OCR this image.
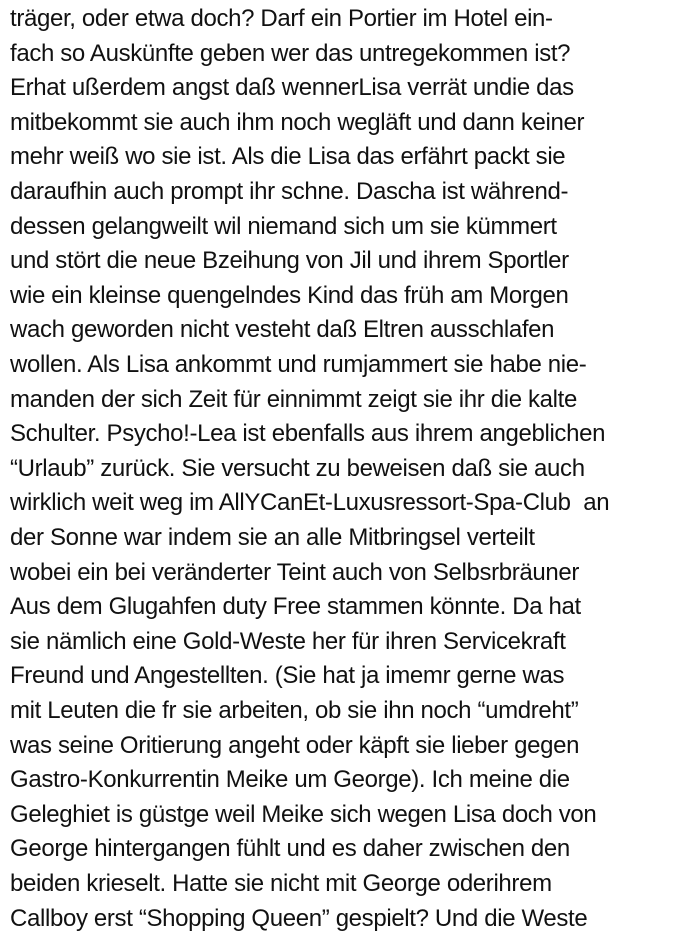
träger, oder etwa doch? Darf ein Portier im Hotel ein-
fach so Auskünfte geben wer das untregekommen ist?
Erhat ußerdem angst daß wennerLisa verrät undie das
mitbekommt sie auch ihm noch wegläft und dann keiner
mehr weiß wo sie ist. Als die Lisa das erfährt packt sie
daraufhin auch prompt ihr schne. Dascha ist während-
dessen gelangweilt wil niemand sich um sie kümmert
und stört die neue Bzeihung von Jil und ihrem Sportler
wie ein kleinse quengelndes Kind das früh am Morgen
wach geworden nicht vesteht daß Eltren ausschlafen
wollen. Als Lisa ankommt und rumjammert sie habe nie-
manden der sich Zeit für einnimmt zeigt sie ihr die kalte
Schulter. Psycho!-Lea ist ebenfalls aus ihrem angeblichen
“Urlaub” zurück. Sie versucht zu beweisen daß sie auch
wirklich weit weg im AllYCanEt-Luxusressort-Spa-Club  an
der Sonne war indem sie an alle Mitbringsel verteilt
wobei ein bei veränderter Teint auch von Selbsrbräuner
Aus dem Glugahfen duty Free stammen könnte. Da hat
sie nämlich eine Gold-Weste her für ihren Servicekraft
Freund und Angestellten. (Sie hat ja imemr gerne was
mit Leuten die fr sie arbeiten, ob sie ihn noch “umdreht”
was seine Oritierung angeht oder käpft sie lieber gegen
Gastro-Konkurrentin Meike um George). Ich meine die
Geleghiet is güstge weil Meike sich wegen Lisa doch von
George hintergangen fühlt und es daher zwischen den
beiden krieselt. Hatte sie nicht mit George oderihrem
Callboy erst “Shopping Queen” gespielt? Und die Weste
